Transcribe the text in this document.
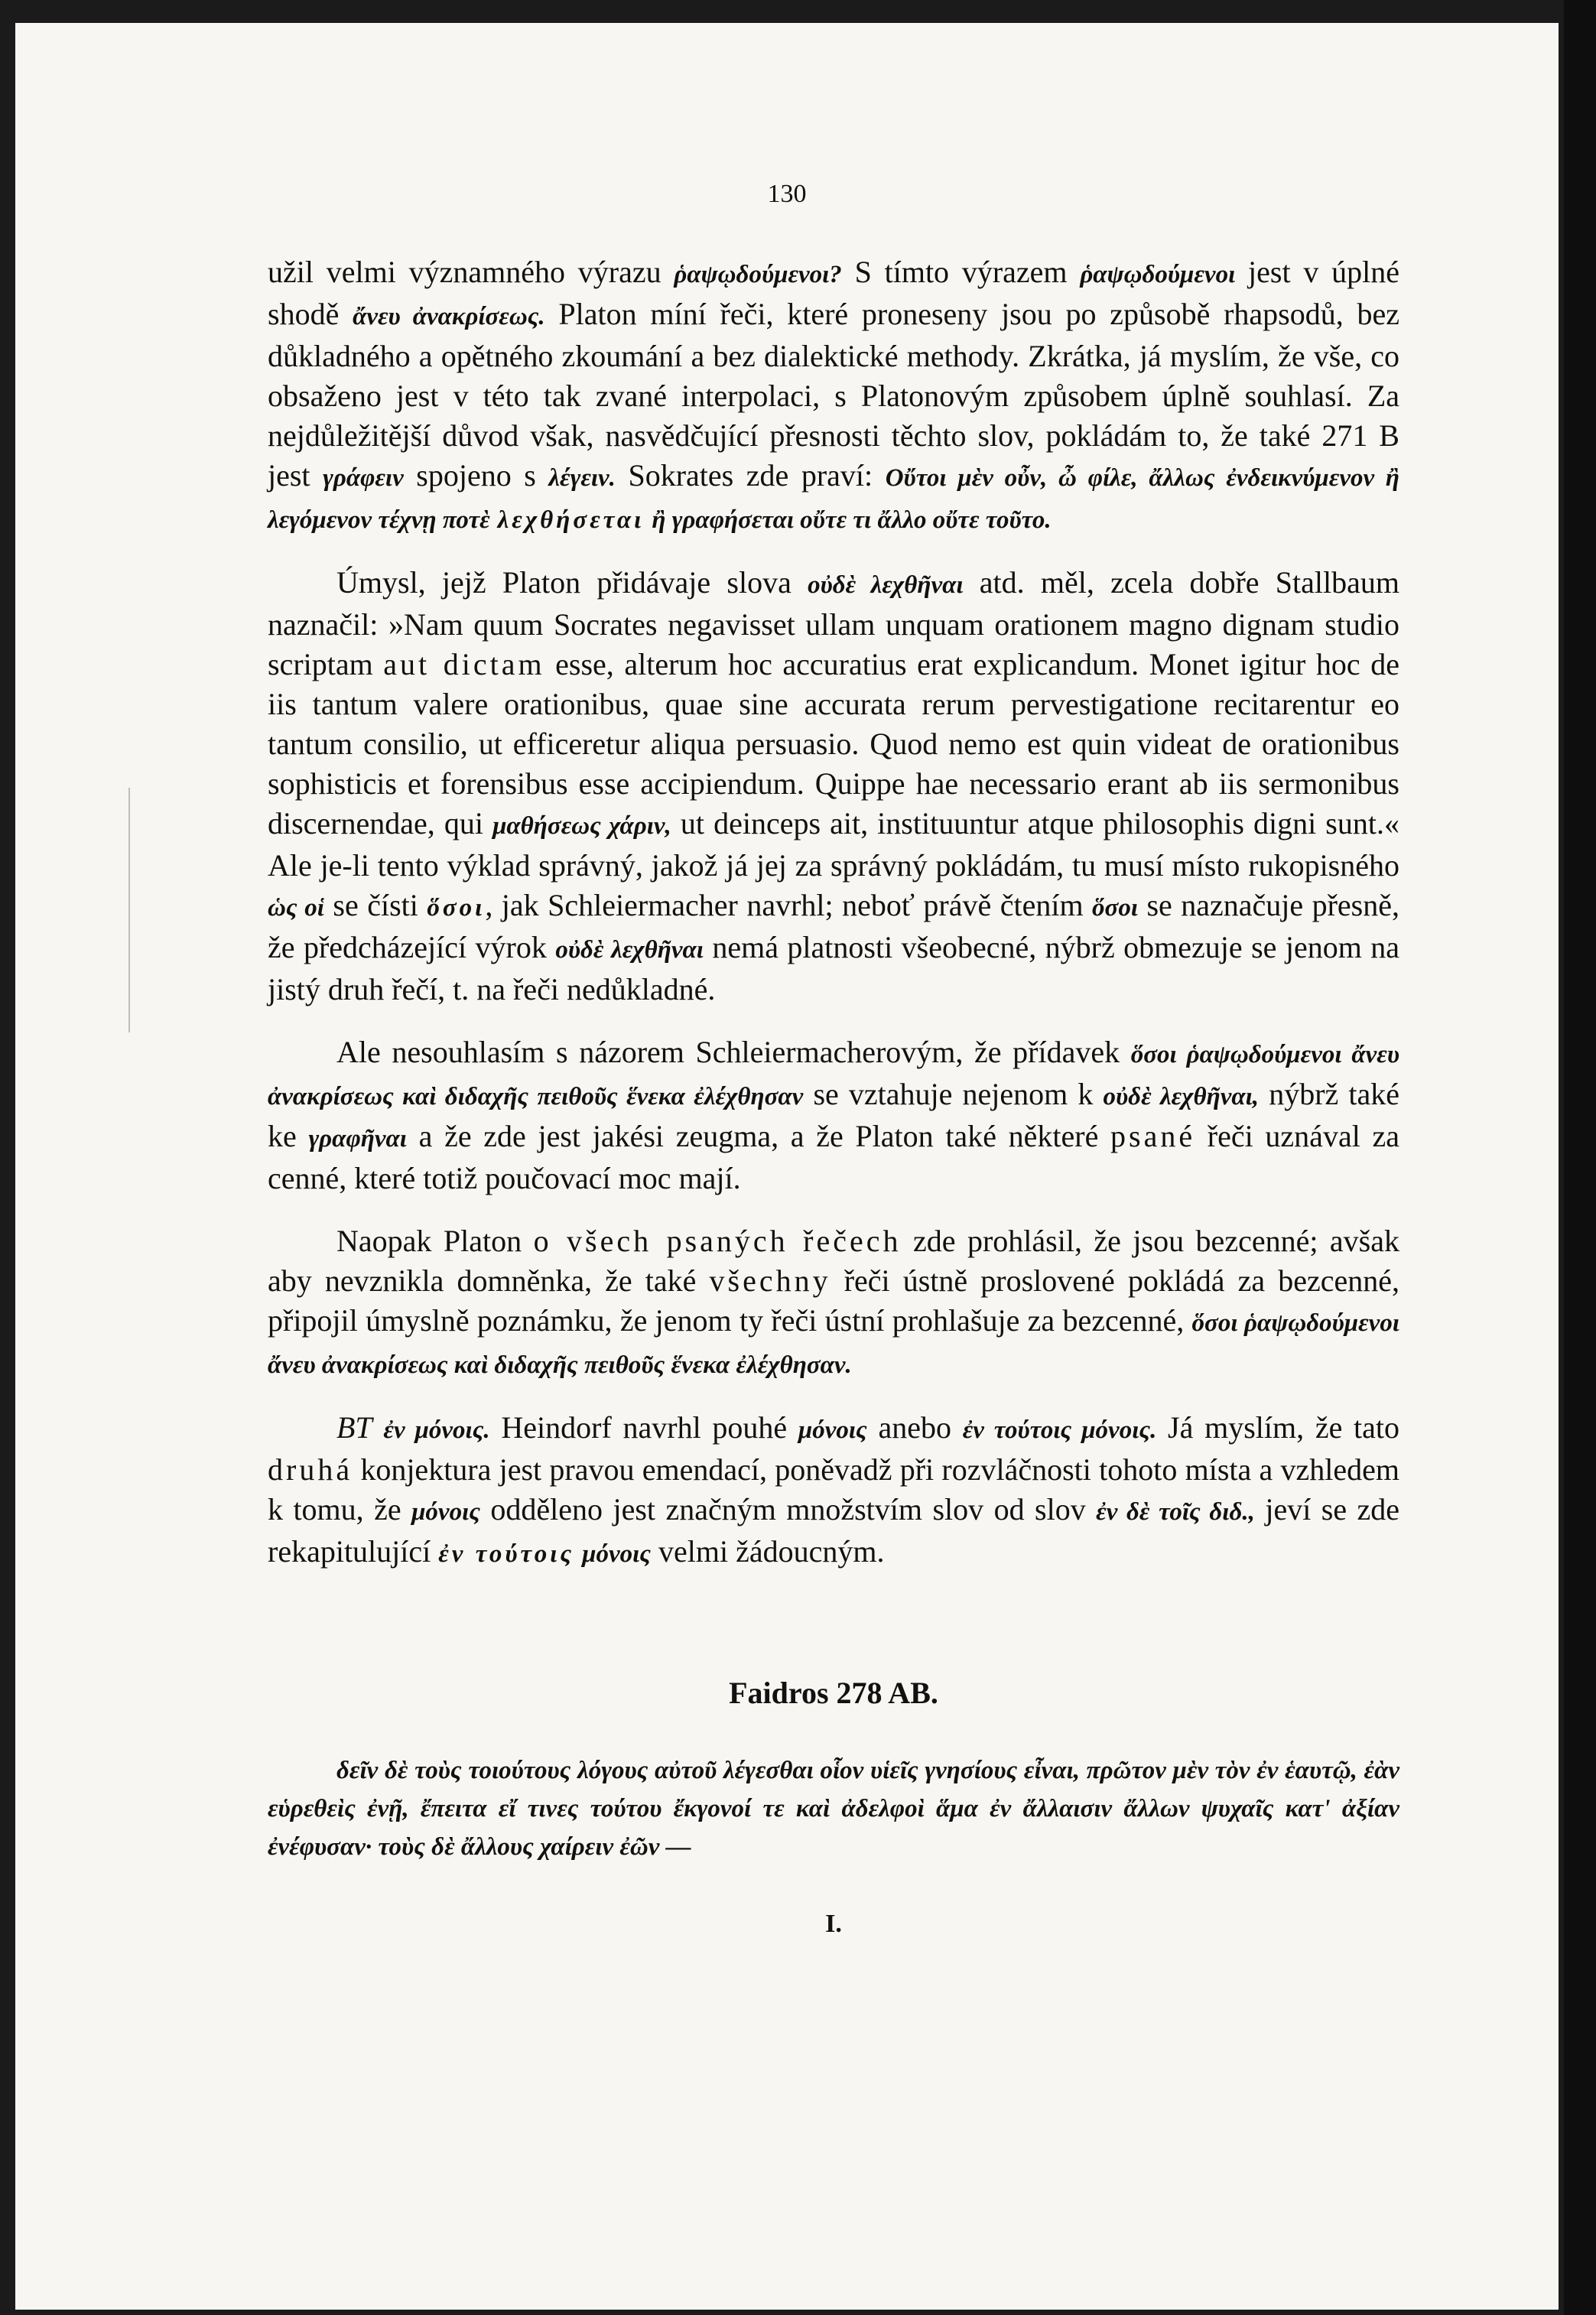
130

užil velmi významného výrazu ῥαψῳδούμενοι? S tímto výrazem ῥαψῳδούμενοι jest v úplné shodě ἄνευ ἀνακρίσεως. Platon míní řeči, které proneseny jsou po způsobě rhapsodů, bez důkladného a opětného zkoumání a bez dialektické methody. Zkrátka, já myslím, že vše, co obsaženo jest v této tak zvané interpolaci, s Platonovým způsobem úplně souhlasí. Za nejdůležitější důvod však, nasvědčující přesnosti těchto slov, pokládám to, že také 271 B jest γράφειν spojeno s λέγειν. Sokrates zde praví: Οὔτοι μὲν οὖν, ὦ φίλε, ἄλλως ἐνδεικνύμενον ἢ λεγόμενον τέχνῃ ποτὲ λεχθήσεται ἢ γραφήσεται οὔτε τι ἄλλο οὔτε τοῦτο.

Úmysl, jejž Platon přidávaje slova οὐδὲ λεχθῆναι atd. měl, zcela dobře Stallbaum naznačil: »Nam quum Socrates negavisset ullam unquam orationem magno dignam studio scriptam aut dictam esse, alterum hoc accuratius erat explicandum. Monet igitur hoc de iis tantum valere orationibus, quae sine accurata rerum pervestigatione recitarentur eo tantum consilio, ut efficeretur aliqua persuasio. Quod nemo est quin videat de orationibus sophisticis et forensibus esse accipiendum. Quippe hae necessario erant ab iis sermonibus discernendae, qui μαθήσεως χάριν, ut deinceps ait, instituuntur atque philosophis digni sunt.« Ale je-li tento výklad správný, jakož já jej za správný pokládám, tu musí místo rukopisného ὡς οἱ se čísti ὅσοι, jak Schleiermacher navrhl; neboť právě čtením ὅσοι se naznačuje přesně, že předcházející výrok οὐδὲ λεχθῆναι nemá platnosti všeobecné, nýbrž obmezuje se jenom na jistý druh řečí, t. na řeči nedůkladné.

Ale nesouhlasím s názorem Schleiermacherovým, že přídavek ὅσοι ῥαψῳδούμενοι ἄνευ ἀνακρίσεως καὶ διδαχῆς πειθοῦς ἕνεκα ἐλέχθησαν se vztahuje nejenom k οὐδὲ λεχθῆναι, nýbrž také ke γραφῆναι a že zde jest jakési zeugma, a že Platon také některé psané řeči uznával za cenné, které totiž poučovací moc mají.

Naopak Platon o všech psaných řečech zde prohlásil, že jsou bezcenné; avšak aby nevznikla domněnka, že také všechny řeči ústně proslovené pokládá za bezcenné, připojil úmyslně poznámku, že jenom ty řeči ústní prohlašuje za bezcenné, ὅσοι ῥαψῳδούμενοι ἄνευ ἀνακρίσεως καὶ διδαχῆς πειθοῦς ἕνεκα ἐλέχθησαν.

BT ἐν μόνοις. Heindorf navrhl pouhé μόνοις anebo ἐν τούτοις μόνοις. Já myslím, že tato druhá konjektura jest pravou emendací, poněvadž při rozvláčnosti tohoto místa a vzhledem k tomu, že μόνοις odděleno jest značným množstvím slov od slov ἐν δὲ τοῖς διδ., jeví se zde rekapitulující ἐν τούτοις μόνοις velmi žádoucným.

Faidros 278 AB.
δεῖν δὲ τοὺς τοιούτους λόγους αὐτοῦ λέγεσθαι οἷον υἱεῖς γνησίους εἶναι, πρῶτον μὲν τὸν ἐν ἑαυτῷ, ἐὰν εὑρεθεὶς ἐνῇ, ἔπειτα εἴ τινες τούτου ἔκγονοί τε καὶ ἀδελφοὶ ἅμα ἐν ἄλλαισιν ἄλλων ψυχαῖς κατ' ἀξίαν ἐνέφυσαν· τοὺς δὲ ἄλλους χαίρειν ἐῶν —
I.
